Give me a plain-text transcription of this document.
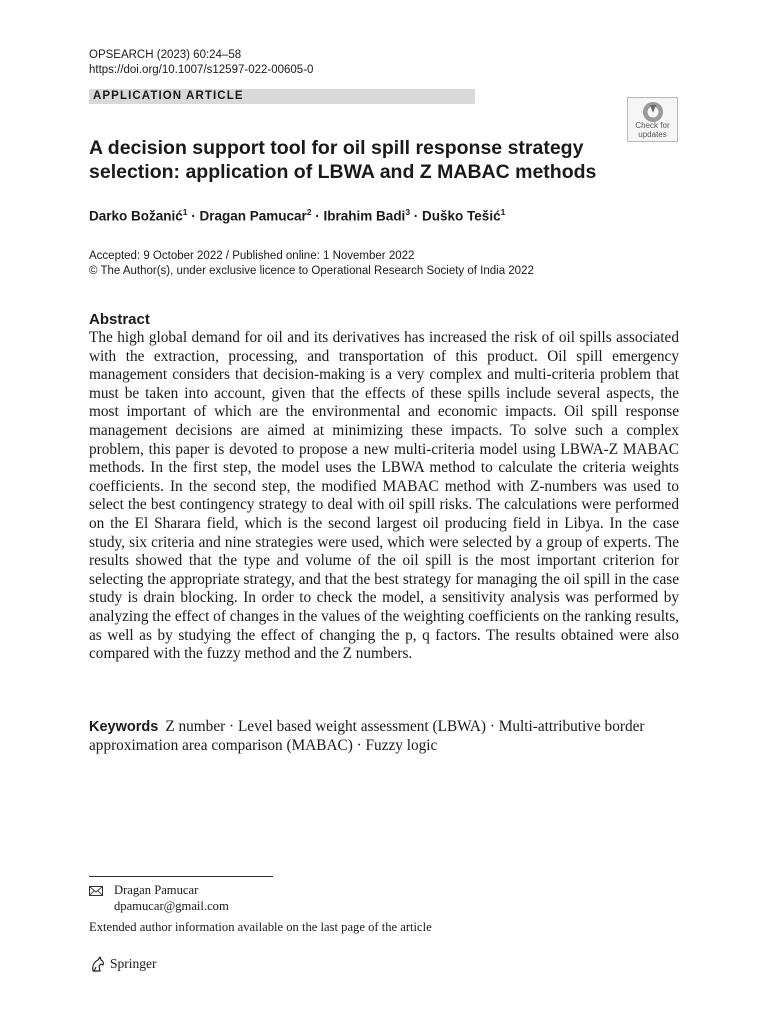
OPSEARCH (2023) 60:24–58
https://doi.org/10.1007/s12597-022-00605-0
APPLICATION ARTICLE
Check for
updates
A decision support tool for oil spill response strategy selection: application of LBWA and Z MABAC methods
Darko Božanić$^1$ · Dragan Pamucar$^2$ · Ibrahim Badi$^3$ · Duško Tešić$^1$
Accepted: 9 October 2022 / Published online: 1 November 2022
© The Author(s), under exclusive licence to Operational Research Society of India 2022
Abstract

The high global demand for oil and its derivatives has increased the risk of oil spills associated with the extraction, processing, and transportation of this product. Oil spill emergency management considers that decision-making is a very complex and multi-criteria problem that must be taken into account, given that the effects of these spills include several aspects, the most important of which are the environmental and economic impacts. Oil spill response management decisions are aimed at minimizing these impacts. To solve such a complex problem, this paper is devoted to propose a new multi-criteria model using LBWA-Z MABAC methods. In the first step, the model uses the LBWA method to calculate the criteria weights coefficients. In the second step, the modified MABAC method with Z-numbers was used to select the best contingency strategy to deal with oil spill risks. The calculations were performed on the El Sharara field, which is the second largest oil producing field in Libya. In the case study, six criteria and nine strategies were used, which were selected by a group of experts. The results showed that the type and volume of the oil spill is the most important criterion for selecting the appropriate strategy, and that the best strategy for managing the oil spill in the case study is drain blocking. In order to check the model, a sensitivity analysis was performed by analyzing the effect of changes in the values of the weighting coefficients on the ranking results, as well as by studying the effect of changing the p, q factors. The results obtained were also compared with the fuzzy method and the Z numbers.

Keywords Z number · Level based weight assessment (LBWA) · Multi-attributive border approximation area comparison (MABAC) · Fuzzy logic
Dragan Pamucar
dpamucar@gmail.com
Extended author information available on the last page of the article
Springer
